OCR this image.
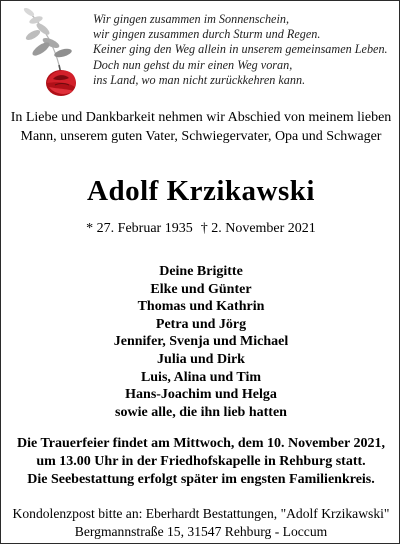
Wir gingen zusammen im Sonnenschein,
wir gingen zusammen durch Sturm und Regen.
Keiner ging den Weg allein in unserem gemeinsamen Leben.
Doch nun gehst du mir einen Weg voran,
ins Land, wo man nicht zurückkehren kann.
In Liebe und Dankbarkeit nehmen wir Abschied von meinem lieben
Mann, unserem guten Vater, Schwiegervater, Opa und Schwager
Adolf Krzikawski
* 27. Februar 1935 † 2. November 2021
Deine Brigitte
Elke und Günter
Thomas und Kathrin
Petra und Jörg
Jennifer, Svenja und Michael
Julia und Dirk
Luis, Alina und Tim
Hans-Joachim und Helga
sowie alle, die ihn lieb hatten
Die Trauerfeier findet am Mittwoch, dem 10. November 2021,
um 13.00 Uhr in der Friedhofskapelle in Rehburg statt.
Die Seebestattung erfolgt später im engsten Familienkreis.
Kondolenzpost bitte an: Eberhardt Bestattungen, "Adolf Krzikawski"
Bergmannstraße 15, 31547 Rehburg - Loccum
